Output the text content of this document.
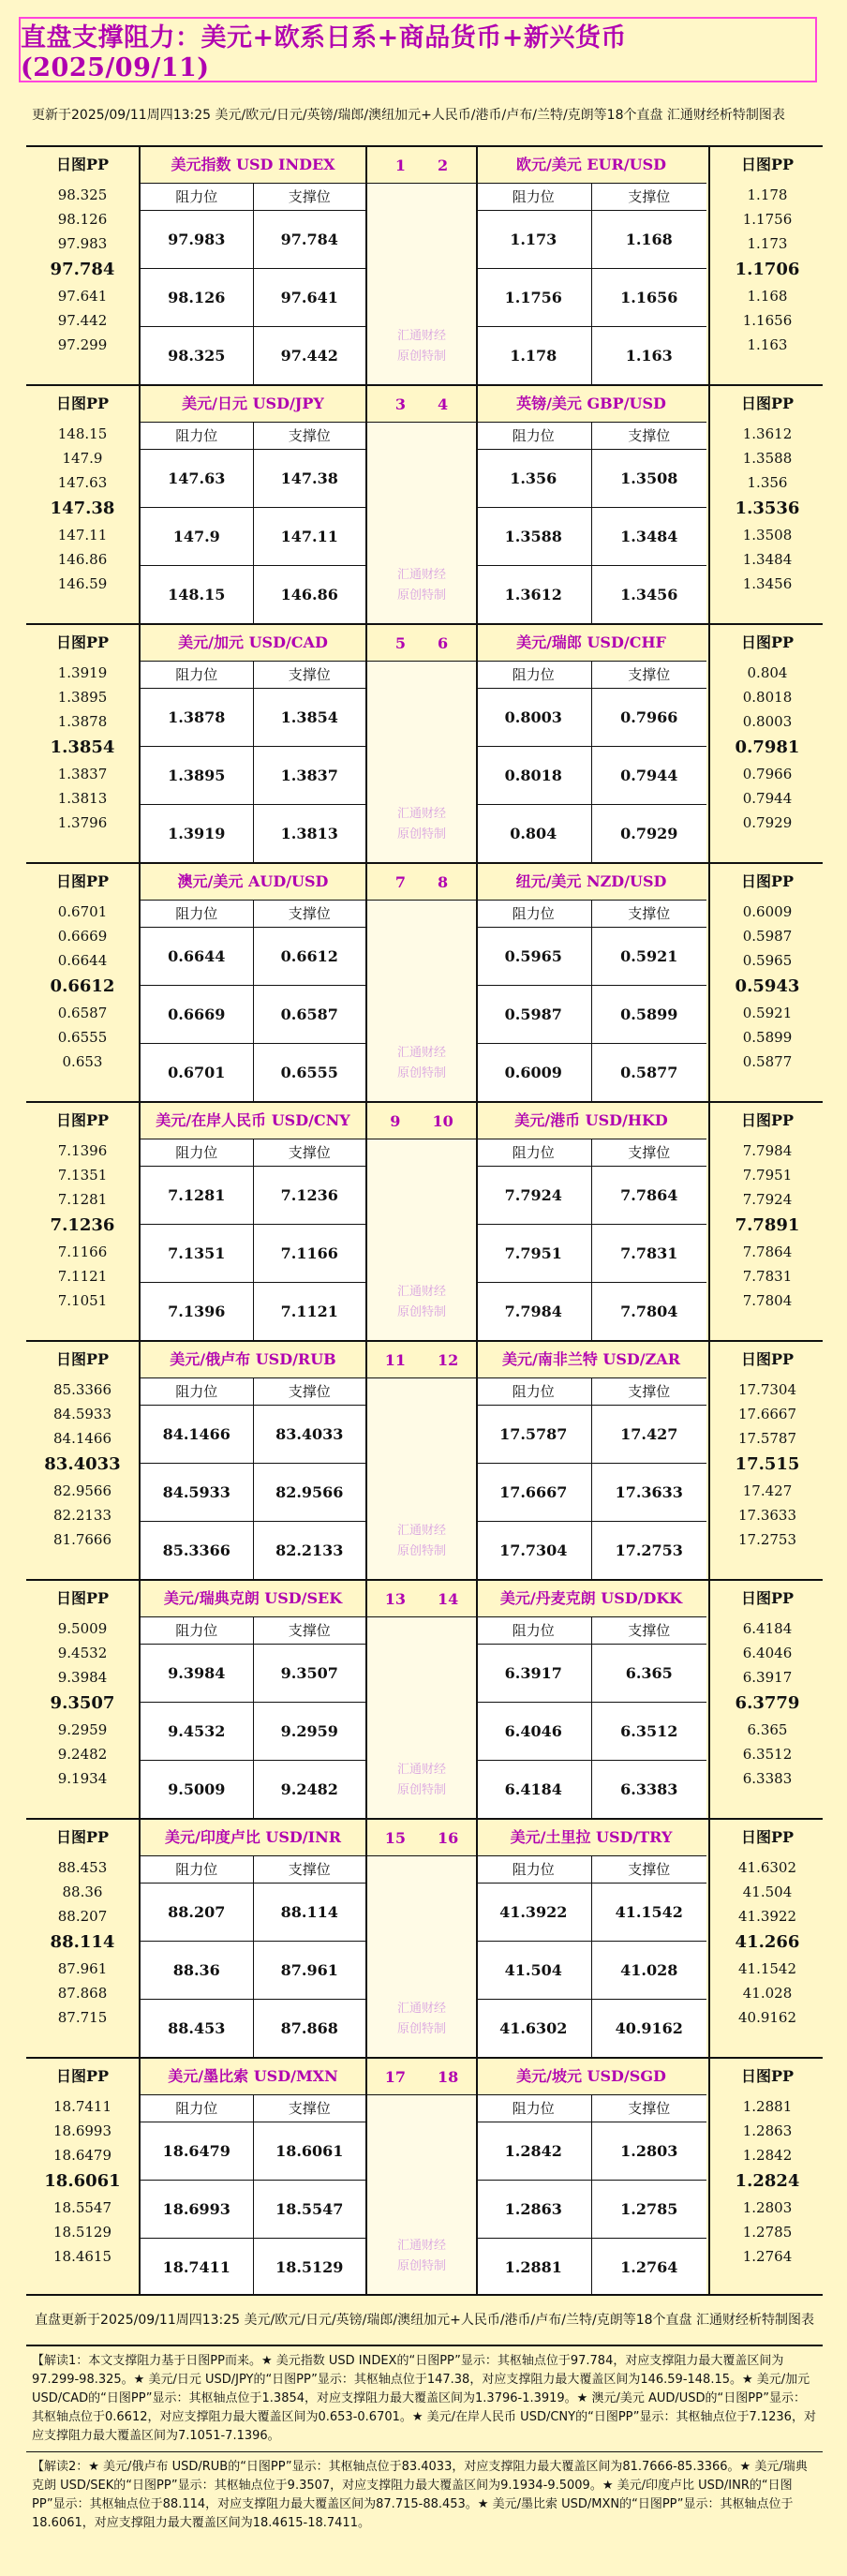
直盘支撑阻力：美元+欧系日系+商品货币+新兴货币(2025/09/11)
更新于2025/09/11周四13:25 美元/欧元/日元/英镑/瑞郎/澳纽加元+人民币/港币/卢布/兰特/克朗等18个直盘 汇通财经析特制图表
日图PP
98.325
98.126
97.983
97.784
97.641
97.442
97.299
美元指数 USD INDEX
阻力位	支撑位
97.983	97.784
98.126	97.641
98.325	97.442
日图PP
1.178
1.1756
1.173
1.1706
1.168
1.1656
1.163
欧元/美元 EUR/USD
阻力位	支撑位
1.173	1.168
1.1756	1.1656
1.178	1.163
1 2
汇通财经
原创特制
日图PP
148.15
147.9
147.63
147.38
147.11
146.86
146.59
美元/日元 USD/JPY
阻力位	支撑位
147.63	147.38
147.9	147.11
148.15	146.86
日图PP
1.3612
1.3588
1.356
1.3536
1.3508
1.3484
1.3456
英镑/美元 GBP/USD
阻力位	支撑位
1.356	1.3508
1.3588	1.3484
1.3612	1.3456
3 4
汇通财经
原创特制
日图PP
1.3919
1.3895
1.3878
1.3854
1.3837
1.3813
1.3796
美元/加元 USD/CAD
阻力位	支撑位
1.3878	1.3854
1.3895	1.3837
1.3919	1.3813
日图PP
0.804
0.8018
0.8003
0.7981
0.7966
0.7944
0.7929
美元/瑞郎 USD/CHF
阻力位	支撑位
0.8003	0.7966
0.8018	0.7944
0.804	0.7929
5 6
汇通财经
原创特制
日图PP
0.6701
0.6669
0.6644
0.6612
0.6587
0.6555
0.653
澳元/美元 AUD/USD
阻力位	支撑位
0.6644	0.6612
0.6669	0.6587
0.6701	0.6555
日图PP
0.6009
0.5987
0.5965
0.5943
0.5921
0.5899
0.5877
纽元/美元 NZD/USD
阻力位	支撑位
0.5965	0.5921
0.5987	0.5899
0.6009	0.5877
7 8
汇通财经
原创特制
日图PP
7.1396
7.1351
7.1281
7.1236
7.1166
7.1121
7.1051
美元/在岸人民币 USD/CNY
阻力位	支撑位
7.1281	7.1236
7.1351	7.1166
7.1396	7.1121
日图PP
7.7984
7.7951
7.7924
7.7891
7.7864
7.7831
7.7804
美元/港币 USD/HKD
阻力位	支撑位
7.7924	7.7864
7.7951	7.7831
7.7984	7.7804
9 10
汇通财经
原创特制
日图PP
85.3366
84.5933
84.1466
83.4033
82.9566
82.2133
81.7666
美元/俄卢布 USD/RUB
阻力位	支撑位
84.1466	83.4033
84.5933	82.9566
85.3366	82.2133
日图PP
17.7304
17.6667
17.5787
17.515
17.427
17.3633
17.2753
美元/南非兰特 USD/ZAR
阻力位	支撑位
17.5787	17.427
17.6667	17.3633
17.7304	17.2753
11 12
汇通财经
原创特制
日图PP
9.5009
9.4532
9.3984
9.3507
9.2959
9.2482
9.1934
美元/瑞典克朗 USD/SEK
阻力位	支撑位
9.3984	9.3507
9.4532	9.2959
9.5009	9.2482
日图PP
6.4184
6.4046
6.3917
6.3779
6.365
6.3512
6.3383
美元/丹麦克朗 USD/DKK
阻力位	支撑位
6.3917	6.365
6.4046	6.3512
6.4184	6.3383
13 14
汇通财经
原创特制
日图PP
88.453
88.36
88.207
88.114
87.961
87.868
87.715
美元/印度卢比 USD/INR
阻力位	支撑位
88.207	88.114
88.36	87.961
88.453	87.868
日图PP
41.6302
41.504
41.3922
41.266
41.1542
41.028
40.9162
美元/土里拉 USD/TRY
阻力位	支撑位
41.3922	41.1542
41.504	41.028
41.6302	40.9162
15 16
汇通财经
原创特制
日图PP
18.7411
18.6993
18.6479
18.6061
18.5547
18.5129
18.4615
美元/墨比索 USD/MXN
阻力位	支撑位
18.6479	18.6061
18.6993	18.5547
18.7411	18.5129
日图PP
1.2881
1.2863
1.2842
1.2824
1.2803
1.2785
1.2764
美元/坡元 USD/SGD
阻力位	支撑位
1.2842	1.2803
1.2863	1.2785
1.2881	1.2764
17 18
汇通财经
原创特制
直盘更新于2025/09/11周四13:25 美元/欧元/日元/英镑/瑞郎/澳纽加元+人民币/港币/卢布/兰特/克朗等18个直盘 汇通财经析特制图表
【解读1：本文支撑阻力基于日图PP而来。★ 美元指数 USD INDEX的“日图PP”显示：其枢轴点位于97.784，对应支撑阻力最大覆盖区间为97.299-98.325。★ 美元/日元 USD/JPY的“日图PP”显示：其枢轴点位于147.38，对应支撑阻力最大覆盖区间为146.59-148.15。★ 美元/加元 USD/CAD的“日图PP”显示：其枢轴点位于1.3854，对应支撑阻力最大覆盖区间为1.3796-1.3919。★ 澳元/美元 AUD/USD的“日图PP”显示：其枢轴点位于0.6612，对应支撑阻力最大覆盖区间为0.653-0.6701。★ 美元/在岸人民币 USD/CNY的“日图PP”显示：其枢轴点位于7.1236，对应支撑阻力最大覆盖区间为7.1051-7.1396。
【解读2：★ 美元/俄卢布 USD/RUB的“日图PP”显示：其枢轴点位于83.4033，对应支撑阻力最大覆盖区间为81.7666-85.3366。★ 美元/瑞典克朗 USD/SEK的“日图PP”显示：其枢轴点位于9.3507，对应支撑阻力最大覆盖区间为9.1934-9.5009。★ 美元/印度卢比 USD/INR的“日图PP”显示：其枢轴点位于88.114，对应支撑阻力最大覆盖区间为87.715-88.453。★ 美元/墨比索 USD/MXN的“日图PP”显示：其枢轴点位于18.6061，对应支撑阻力最大覆盖区间为18.4615-18.7411。
